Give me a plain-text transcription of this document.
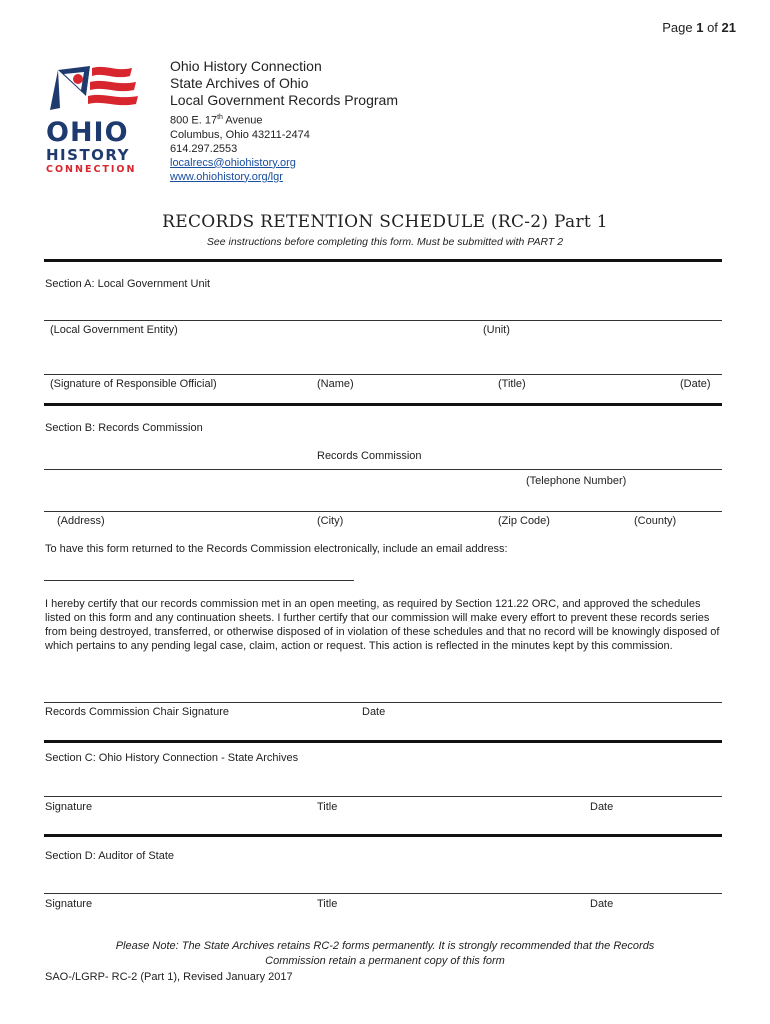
Page 1 of 21
OHIO
HISTORY
CONNECTION
Ohio History Connection
State Archives of Ohio
Local Government Records Program
800 E. 17th Avenue
Columbus, Ohio 43211-2474
614.297.2553
localrecs@ohiohistory.org
www.ohiohistory.org/lgr
RECORDS RETENTION SCHEDULE (RC-2) Part 1
See instructions before completing this form. Must be submitted with PART 2
Section A: Local Government Unit
(Local Government Entity)	(Unit)
(Signature of Responsible Official)	(Name)	(Title)	(Date)
Section B: Records Commission
Records Commission
(Telephone Number)
(Address)	(City)	(Zip Code)	(County)
To have this form returned to the Records Commission electronically, include an email address:
I hereby certify that our records commission met in an open meeting, as required by Section 121.22 ORC, and approved the schedules listed on this form and any continuation sheets. I further certify that our commission will make every effort to prevent these records series from being destroyed, transferred, or otherwise disposed of in violation of these schedules and that no record will be knowingly disposed of which pertains to any pending legal case, claim, action or request. This action is reflected in the minutes kept by this commission.
Records Commission Chair Signature	Date
Section C: Ohio History Connection - State Archives
Signature	Title	Date
Section D: Auditor of State
Signature	Title	Date
Please Note: The State Archives retains RC-2 forms permanently. It is strongly recommended that the Records
Commission retain a permanent copy of this form
SAO-/LGRP- RC-2 (Part 1), Revised January 2017
